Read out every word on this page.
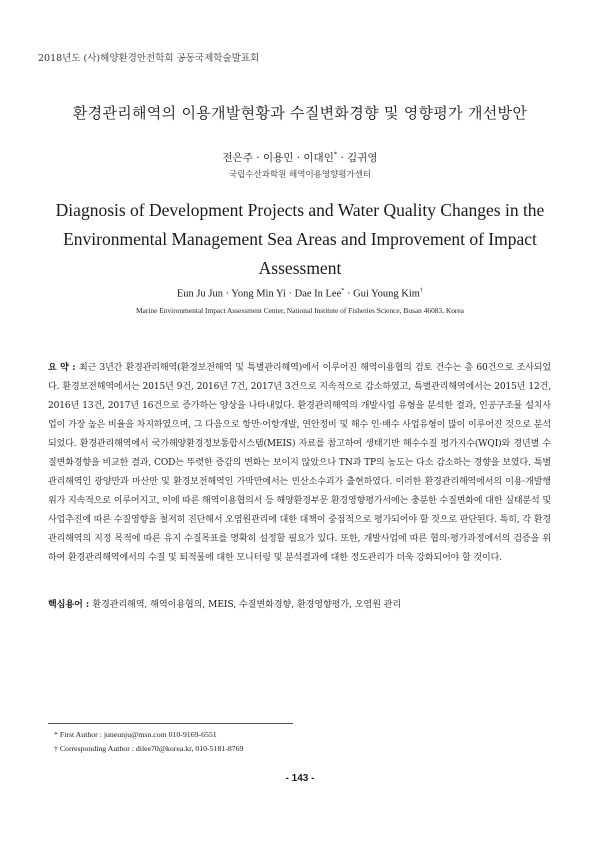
2018년도 (사)해양환경안전학회 공동국제학술발표회
환경관리해역의 이용개발현황과 수질변화경향 및 영향평가 개선방안
전은주 · 이용민 · 이대인* · 김귀영
국립수산과학원 해역이용영향평가센터
Diagnosis of Development Projects and Water Quality Changes in the Environmental Management Sea Areas and Improvement of Impact Assessment
Eun Ju Jun · Yong Min Yi · Dae In Lee* · Gui Young Kim†
Marine Environmental Impact Assessment Center, National Institute of Fisheries Science, Busan 46083, Korea
요 약 : 최근 3년간 환경관리해역(환경보전해역 및 특별관리해역)에서 이루어진 해역이용협의 검토 건수는 총 60건으로 조사되었다. 환경보전해역에서는 2015년 9건, 2016년 7건, 2017년 3건으로 지속적으로 감소하였고, 특별관리해역에서는 2015년 12건, 2016년 13건, 2017년 16건으로 증가하는 양상을 나타내었다. 환경관리해역의 개발사업 유형을 분석한 결과, 인공구조물 설치사업이 가장 높은 비율을 차지하였으며, 그 다음으로 항만·어항개발, 연안정비 및 해수 인·배수 사업유형이 많이 이루어진 것으로 분석되었다. 환경관리해역에서 국가해양환경정보통합시스템(MEIS) 자료를 참고하여 생태기반 해수수질 평가지수(WQI)와 경년별 수질변화경향을 비교한 결과, COD는 뚜렷한 증감의 변화는 보이지 않았으나 TN과 TP의 농도는 다소 감소하는 경향을 보였다. 특별관리해역인 광양만과 마산만 및 환경보전해역인 가막만에서는 빈산소수괴가 출현하였다. 이러한 환경관리해역에서의 이용·개발행위가 지속적으로 이루어지고, 이에 따른 해역이용협의서 등 해양환경부문 환경영향평가서에는 충분한 수질변화에 대한 실태분석 및 사업추진에 따른 수질영향을 철저히 진단해서 오염원관리에 대한 대책이 중점적으로 평가되어야 할 것으로 판단된다. 특히, 각 환경관리해역의 지정 목적에 따른 유지 수질목표를 명확히 설정할 필요가 있다. 또한, 개발사업에 따른 협의·평가과정에서의 검증을 위하여 환경관리해역에서의 수질 및 퇴적물에 대한 모니터링 및 분석결과에 대한 정도관리가 더욱 강화되어야 할 것이다.
핵심용어 : 환경관리해역, 해역이용협의, MEIS, 수질변화경향, 환경영향평가, 오염원 관리
* First Author : juneunju@msn.com 010-9169-6551
† Corresponding Author : dilee70@korea.kr, 010-5181-8769
- 143 -
